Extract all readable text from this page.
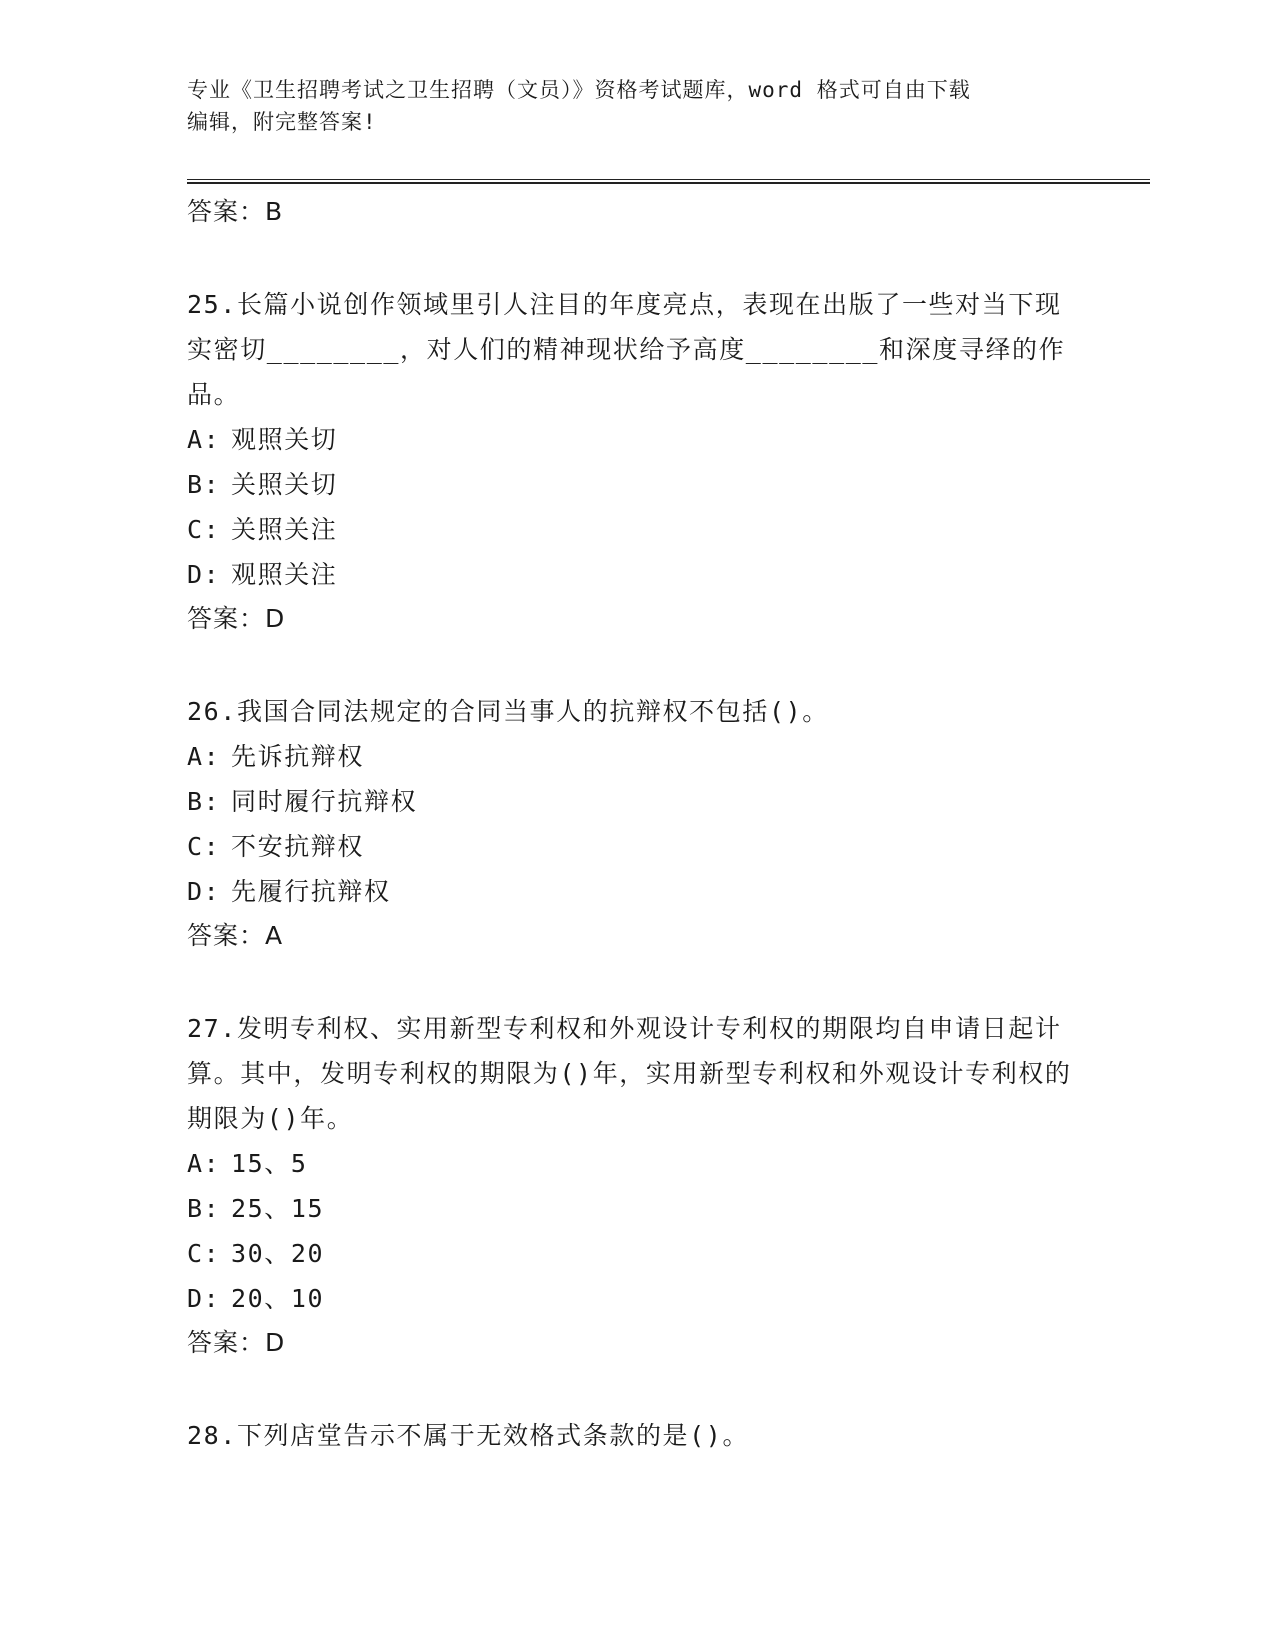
专业《卫生招聘考试之卫生招聘（文员）》资格考试题库，word 格式可自由下载
编辑，附完整答案!
答案：B
25.长篇小说创作领域里引人注目的年度亮点，表现在出版了一些对当下现实密切________，对人们的精神现状给予高度________和深度寻绎的作品。
A: 观照关切
B: 关照关切
C: 关照关注
D: 观照关注
答案：D
26.我国合同法规定的合同当事人的抗辩权不包括()。
A: 先诉抗辩权
B: 同时履行抗辩权
C: 不安抗辩权
D: 先履行抗辩权
答案：A
27.发明专利权、实用新型专利权和外观设计专利权的期限均自申请日起计算。其中，发明专利权的期限为()年，实用新型专利权和外观设计专利权的期限为()年。
A: 15、5
B: 25、15
C: 30、20
D: 20、10
答案：D
28.下列店堂告示不属于无效格式条款的是()。
